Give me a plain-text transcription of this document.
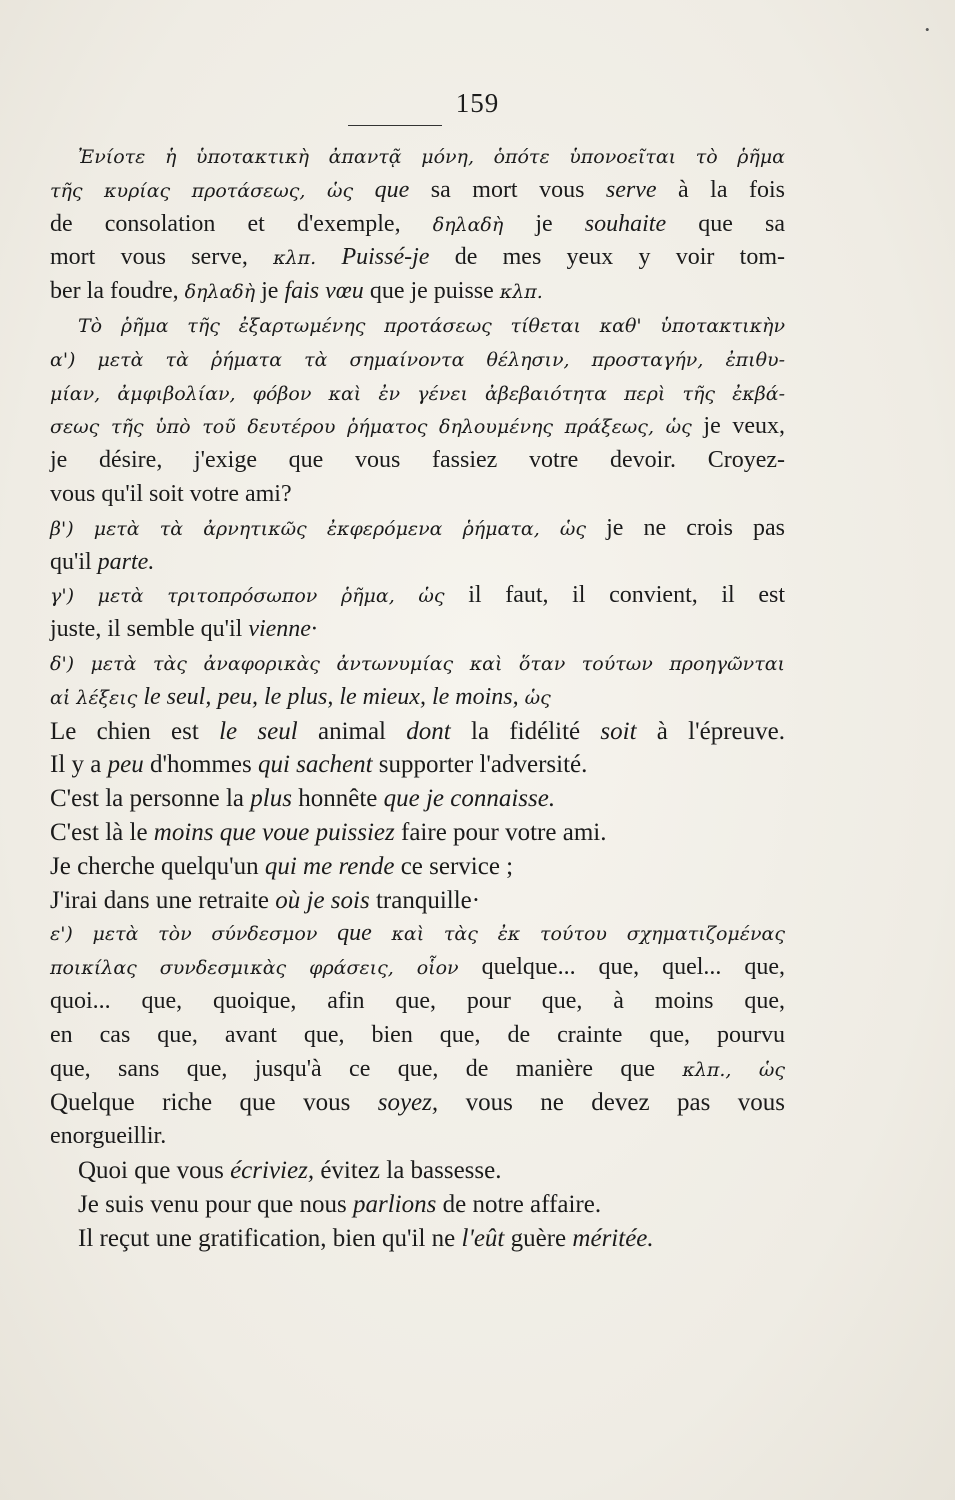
•
159
Ἐνίοτε ἡ ὑποτακτικὴ ἀπαντᾷ μόνη, ὁπότε ὑπονοεῖται τὸ ῥῆμα
τῆς κυρίας προτάσεως, ὡς que sa mort vous serve à la fois
de consolation et d'exemple, δηλαδὴ je souhaite que sa
mort vous serve, κλπ. Puissé-je de mes yeux y voir tom-
ber la foudre, δηλαδὴ je fais vœu que je puisse κλπ.
Τὸ ῥῆμα τῆς ἐξαρτωμένης προτάσεως τίθεται καθ' ὑποτακτικὴν
α') μετὰ τὰ ῥήματα τὰ σημαίνοντα θέλησιν, προσταγήν, ἐπιθυ-
μίαν, ἀμφιβολίαν, φόβον καὶ ἐν γένει ἀβεβαιότητα περὶ τῆς ἐκβά-
σεως τῆς ὑπὸ τοῦ δευτέρου ῥήματος δηλουμένης πράξεως, ὡς je veux,
je désire, j'exige que vous fassiez votre devoir. Croyez-
vous qu'il soit votre ami?
β') μετὰ τὰ ἀρνητικῶς ἐκφερόμενα ῥήματα, ὡς je ne crois pas
qu'il parte.
γ') μετὰ τριτοπρόσωπον ῥῆμα, ὡς il faut, il convient, il est
juste, il semble qu'il vienne·
δ') μετὰ τὰς ἀναφορικὰς ἀντωνυμίας καὶ ὅταν τούτων προηγῶνται
αἱ λέξεις le seul, peu, le plus, le mieux, le moins, ὡς
Le chien est le seul animal dont la fidélité soit à l'épreuve.
Il y a peu d'hommes qui sachent supporter l'adversité.
C'est la personne la plus honnête que je connaisse.
C'est là le moins que voue puissiez faire pour votre ami.
Je cherche quelqu'un qui me rende ce service ;
J'irai dans une retraite où je sois tranquille·
ε') μετὰ τὸν σύνδεσμον que καὶ τὰς ἐκ τούτου σχηματιζομένας
ποικίλας συνδεσμικὰς φράσεις, οἷον quelque... que, quel... que,
quoi... que, quoique, afin que, pour que, à moins que,
en cas que, avant que, bien que, de crainte que, pourvu
que, sans que, jusqu'à ce que, de manière que κλπ., ὡς
Quelque riche que vous soyez, vous ne devez pas vous
enorgueillir.
Quoi que vous écriviez, évitez la bassesse.
Je suis venu pour que nous parlions de notre affaire.
Il reçut une gratification, bien qu'il ne l'eût guère méritée.
